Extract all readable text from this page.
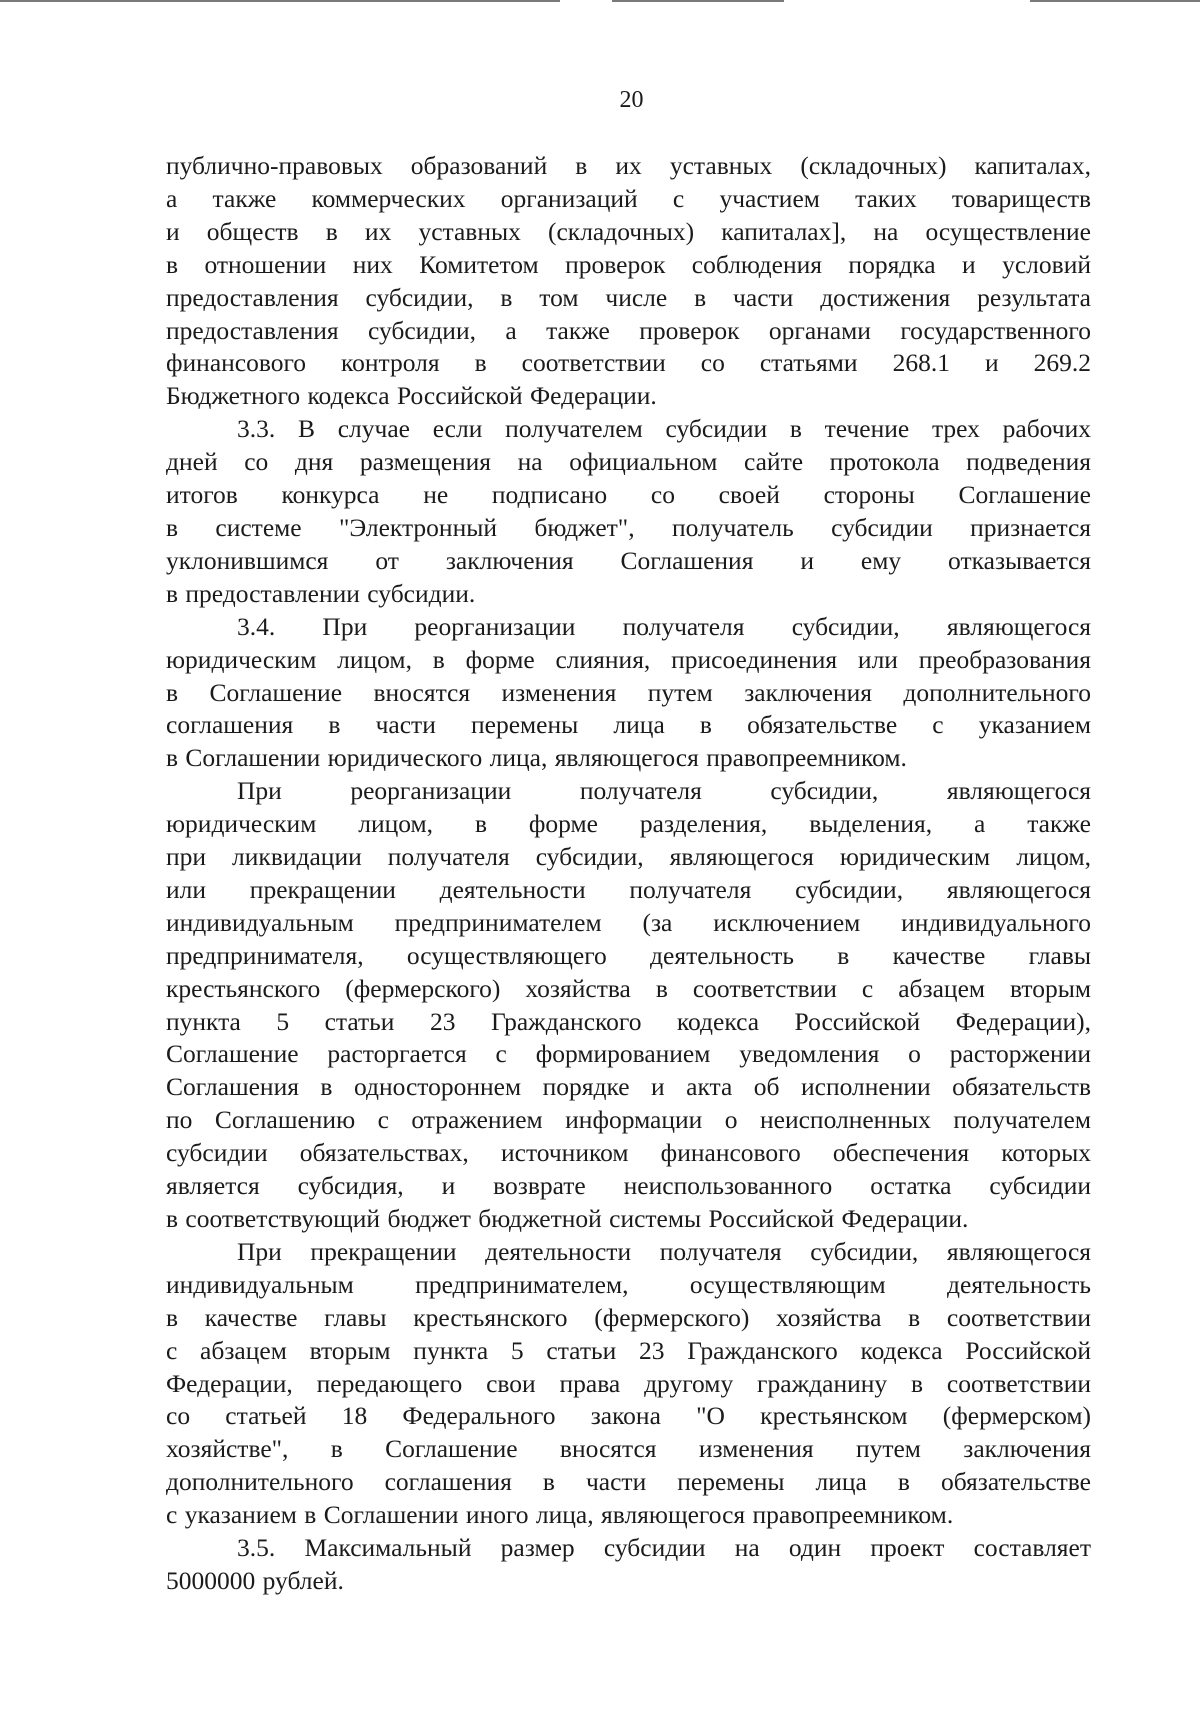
20
публично-правовых образований в их уставных (складочных) капиталах,
а также коммерческих организаций с участием таких товариществ
и обществ в их уставных (складочных) капиталах], на осуществление
в отношении них Комитетом проверок соблюдения порядка и условий
предоставления субсидии, в том числе в части достижения результата
предоставления субсидии, а также проверок органами государственного
финансового контроля в соответствии со статьями 268.1 и 269.2
Бюджетного кодекса Российской Федерации.
3.3. В случае если получателем субсидии в течение трех рабочих
дней со дня размещения на официальном сайте протокола подведения
итогов конкурса не подписано со своей стороны Соглашение
в системе "Электронный бюджет", получатель субсидии признается
уклонившимся от заключения Соглашения и ему отказывается
в предоставлении субсидии.
3.4. При реорганизации получателя субсидии, являющегося
юридическим лицом, в форме слияния, присоединения или преобразования
в Соглашение вносятся изменения путем заключения дополнительного
соглашения в части перемены лица в обязательстве с указанием
в Соглашении юридического лица, являющегося правопреемником.
При реорганизации получателя субсидии, являющегося
юридическим лицом, в форме разделения, выделения, а также
при ликвидации получателя субсидии, являющегося юридическим лицом,
или прекращении деятельности получателя субсидии, являющегося
индивидуальным предпринимателем (за исключением индивидуального
предпринимателя, осуществляющего деятельность в качестве главы
крестьянского (фермерского) хозяйства в соответствии с абзацем вторым
пункта 5 статьи 23 Гражданского кодекса Российской Федерации),
Соглашение расторгается с формированием уведомления о расторжении
Соглашения в одностороннем порядке и акта об исполнении обязательств
по Соглашению с отражением информации о неисполненных получателем
субсидии обязательствах, источником финансового обеспечения которых
является субсидия, и возврате неиспользованного остатка субсидии
в соответствующий бюджет бюджетной системы Российской Федерации.
При прекращении деятельности получателя субсидии, являющегося
индивидуальным предпринимателем, осуществляющим деятельность
в качестве главы крестьянского (фермерского) хозяйства в соответствии
с абзацем вторым пункта 5 статьи 23 Гражданского кодекса Российской
Федерации, передающего свои права другому гражданину в соответствии
со статьей 18 Федерального закона "О крестьянском (фермерском)
хозяйстве", в Соглашение вносятся изменения путем заключения
дополнительного соглашения в части перемены лица в обязательстве
с указанием в Соглашении иного лица, являющегося правопреемником.
3.5. Максимальный размер субсидии на один проект составляет
5000000 рублей.
